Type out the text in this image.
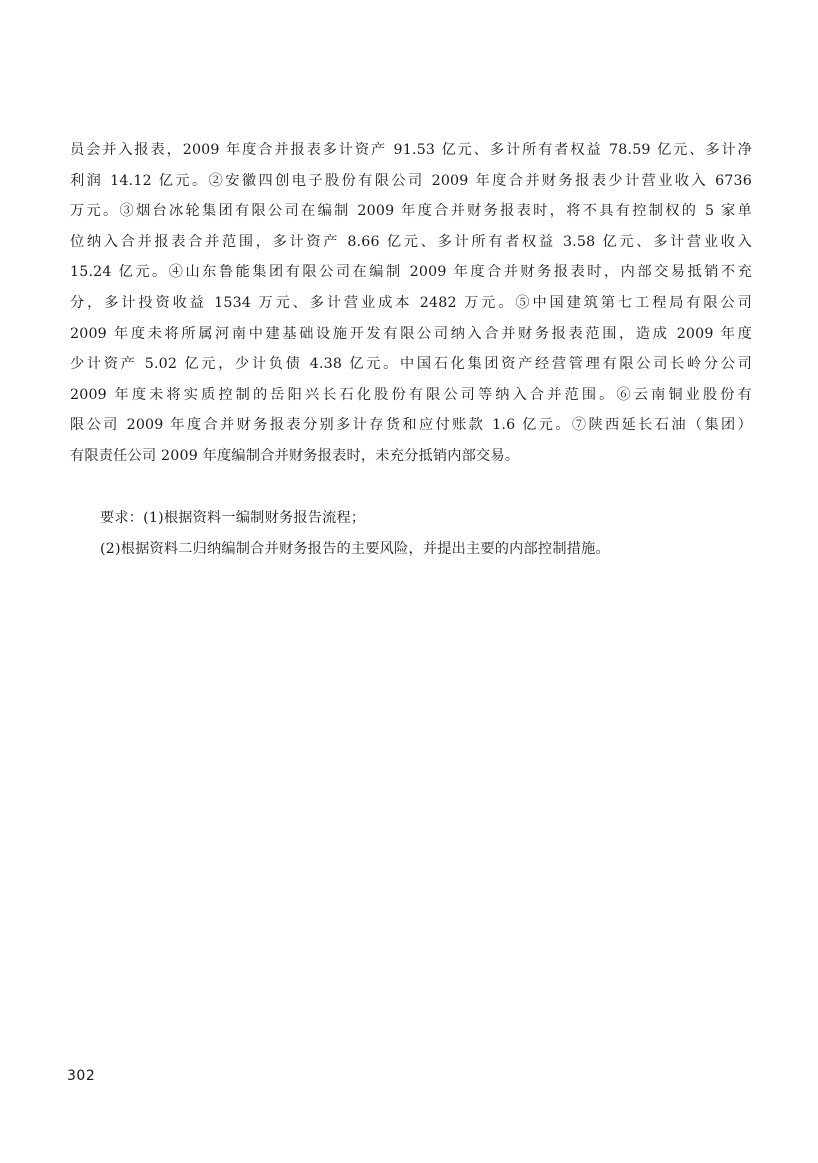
员会并入报表，2009 年度合并报表多计资产 91.53 亿元、多计所有者权益 78.59 亿元、多计净
利润 14.12 亿元。②安徽四创电子股份有限公司 2009 年度合并财务报表少计营业收入 6736
万元。③烟台冰轮集团有限公司在编制 2009 年度合并财务报表时，将不具有控制权的 5 家单
位纳入合并报表合并范围，多计资产 8.66 亿元、多计所有者权益 3.58 亿元、多计营业收入
15.24 亿元。④山东鲁能集团有限公司在编制 2009 年度合并财务报表时，内部交易抵销不充
分，多计投资收益 1534 万元、多计营业成本 2482 万元。⑤中国建筑第七工程局有限公司
2009 年度未将所属河南中建基础设施开发有限公司纳入合并财务报表范围，造成 2009 年度
少计资产 5.02 亿元，少计负债 4.38 亿元。中国石化集团资产经营管理有限公司长岭分公司
2009 年度未将实质控制的岳阳兴长石化股份有限公司等纳入合并范围。⑥云南铜业股份有
限公司 2009 年度合并财务报表分别多计存货和应付账款 1.6 亿元。⑦陕西延长石油（集团）
有限责任公司 2009 年度编制合并财务报表时，未充分抵销内部交易。
要求：(1)根据资料一编制财务报告流程；
(2)根据资料二归纳编制合并财务报告的主要风险，并提出主要的内部控制措施。
302
